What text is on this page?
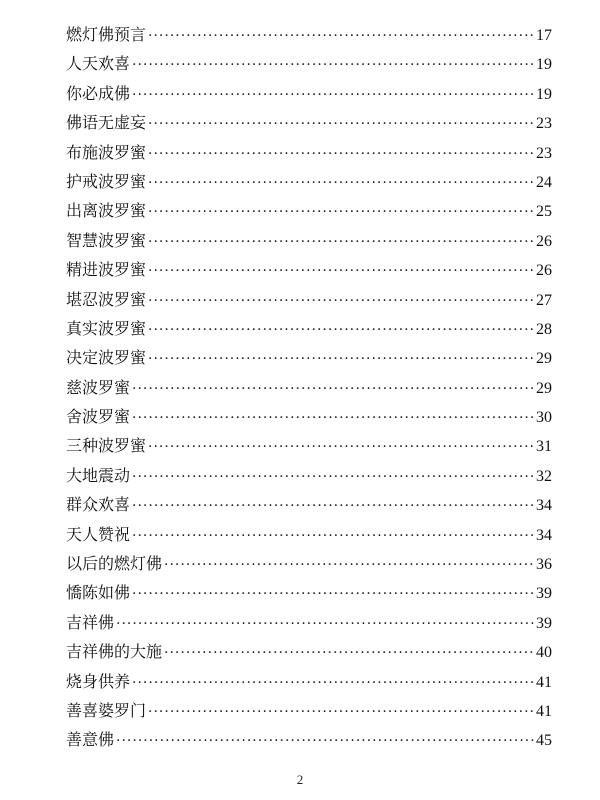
燃灯佛预言 ·····	17
人天欢喜 ·····	19
你必成佛 ·····	19
佛语无虚妄 ·····	23
布施波罗蜜 ·····	23
护戒波罗蜜 ·····	24
出离波罗蜜 ·····	25
智慧波罗蜜 ·····	26
精进波罗蜜 ·····	26
堪忍波罗蜜 ·····	27
真实波罗蜜 ·····	28
决定波罗蜜 ·····	29
慈波罗蜜 ·····	29
舍波罗蜜 ·····	30
三种波罗蜜 ·····	31
大地震动 ·····	32
群众欢喜 ·····	34
天人赞祝 ·····	34
以后的燃灯佛 ·····	36
憍陈如佛 ·····	39
吉祥佛 ·····	39
吉祥佛的大施 ·····	40
烧身供养 ·····	41
善喜婆罗门 ·····	41
善意佛 ·····	45
2
